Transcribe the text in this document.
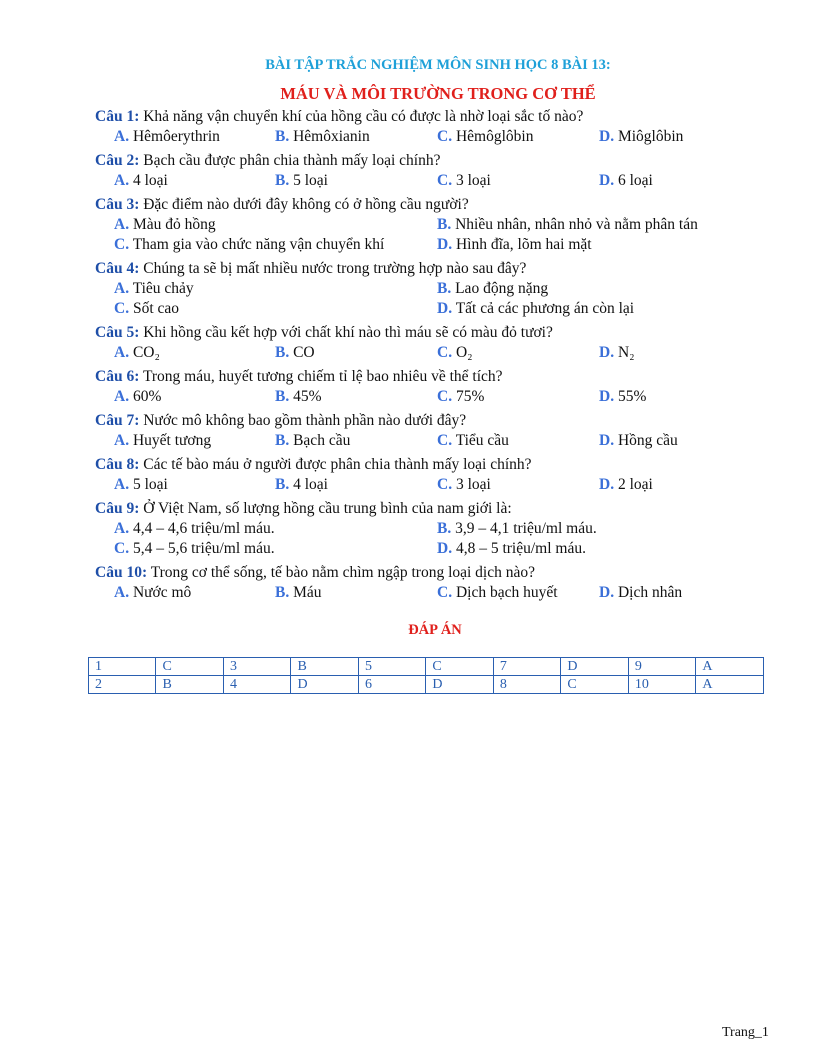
BÀI TẬP TRẮC NGHIỆM MÔN SINH HỌC 8 BÀI 13:
MÁU VÀ MÔI TRƯỜNG TRONG CƠ THỂ
Câu 1: Khả năng vận chuyển khí của hồng cầu có được là nhờ loại sắc tố nào?
A. Hêmôerythrin	B. Hêmôxianin	C. Hêmôglôbin	D. Miôglôbin
Câu 2: Bạch cầu được phân chia thành mấy loại chính?
A. 4 loại	B. 5 loại	C. 3 loại	D. 6 loại
Câu 3: Đặc điểm nào dưới đây không có ở hồng cầu người?
A. Màu đỏ hồng	B. Nhiều nhân, nhân nhỏ và nằm phân tán
C. Tham gia vào chức năng vận chuyển khí	D. Hình đĩa, lõm hai mặt
Câu 4: Chúng ta sẽ bị mất nhiều nước trong trường hợp nào sau đây?
A. Tiêu chảy	B. Lao động nặng
C. Sốt cao	D. Tất cả các phương án còn lại
Câu 5: Khi hồng cầu kết hợp với chất khí nào thì máu sẽ có màu đỏ tươi?
A. CO₂	B. CO	C. O₂	D. N₂
Câu 6: Trong máu, huyết tương chiếm tỉ lệ bao nhiêu về thể tích?
A. 60%	B. 45%	C. 75%	D. 55%
Câu 7: Nước mô không bao gồm thành phần nào dưới đây?
A. Huyết tương	B. Bạch cầu	C. Tiểu cầu	D. Hồng cầu
Câu 8: Các tế bào máu ở người được phân chia thành mấy loại chính?
A. 5 loại	B. 4 loại	C. 3 loại	D. 2 loại
Câu 9: Ở Việt Nam, số lượng hồng cầu trung bình của nam giới là:
A. 4,4 – 4,6 triệu/ml máu.	B. 3,9 – 4,1 triệu/ml máu.
C. 5,4 – 5,6 triệu/ml máu.	D. 4,8 – 5 triệu/ml máu.
Câu 10: Trong cơ thể sống, tế bào nằm chìm ngập trong loại dịch nào?
A. Nước mô	B. Máu	C. Dịch bạch huyết	D. Dịch nhân
ĐÁP ÁN
1	C	3	B	5	C	7	D	9	A
2	B	4	D	6	D	8	C	10	A
Trang_1
